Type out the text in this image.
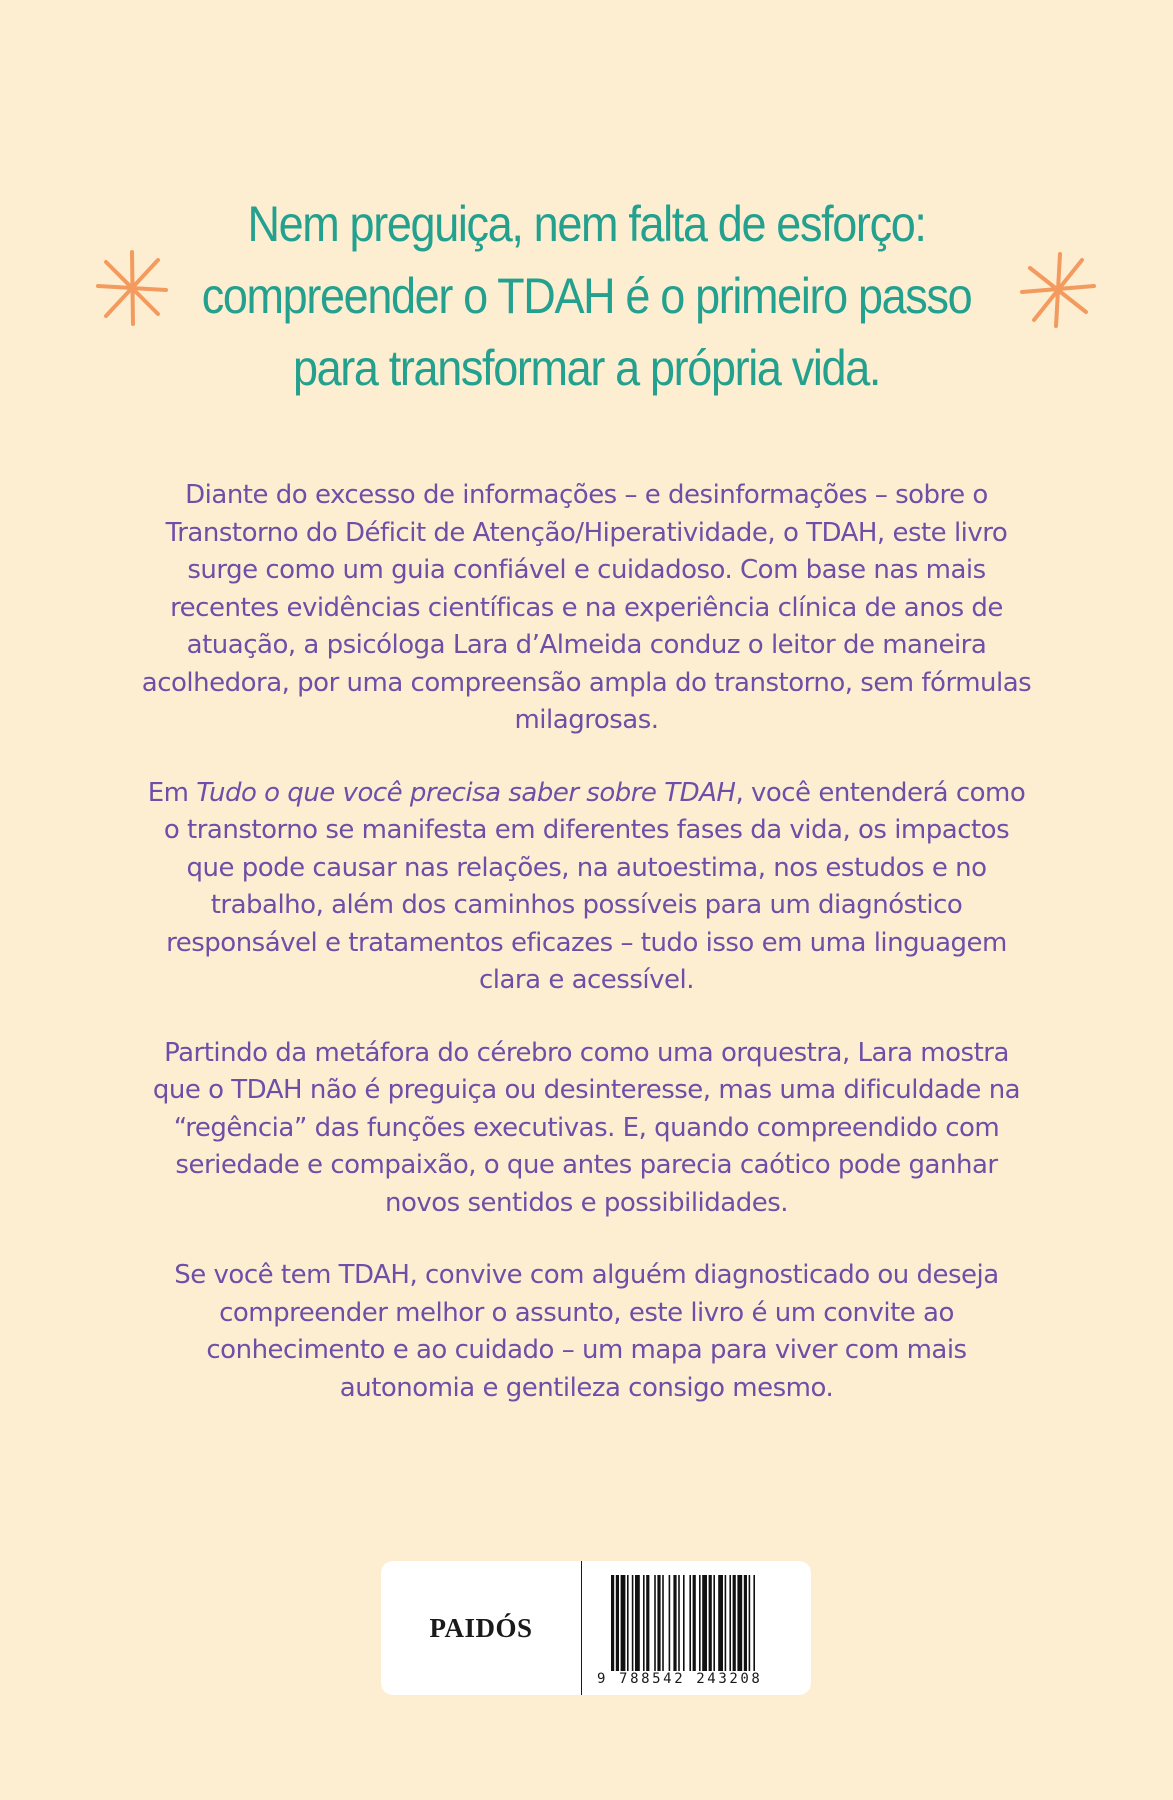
Nem preguiça, nem falta de esforço:
compreender o TDAH é o primeiro passo
para transformar a própria vida.

Diante do excesso de informações – e desinformações – sobre o Transtorno do Déficit de Atenção/Hiperatividade, o TDAH, este livro surge como um guia confiável e cuidadoso. Com base nas mais recentes evidências científicas e na experiência clínica de anos de atuação, a psicóloga Lara d’Almeida conduz o leitor de maneira acolhedora, por uma compreensão ampla do transtorno, sem fórmulas milagrosas.

Em Tudo o que você precisa saber sobre TDAH, você entenderá como o transtorno se manifesta em diferentes fases da vida, os impactos que pode causar nas relações, na autoestima, nos estudos e no trabalho, além dos caminhos possíveis para um diagnóstico responsável e tratamentos eficazes – tudo isso em uma linguagem clara e acessível.

Partindo da metáfora do cérebro como uma orquestra, Lara mostra que o TDAH não é preguiça ou desinteresse, mas uma dificuldade na “regência” das funções executivas. E, quando compreendido com seriedade e compaixão, o que antes parecia caótico pode ganhar novos sentidos e possibilidades.

Se você tem TDAH, convive com alguém diagnosticado ou deseja compreender melhor o assunto, este livro é um convite ao conhecimento e ao cuidado – um mapa para viver com mais autonomia e gentileza consigo mesmo.

PAIDÓS
9 788542 243208
